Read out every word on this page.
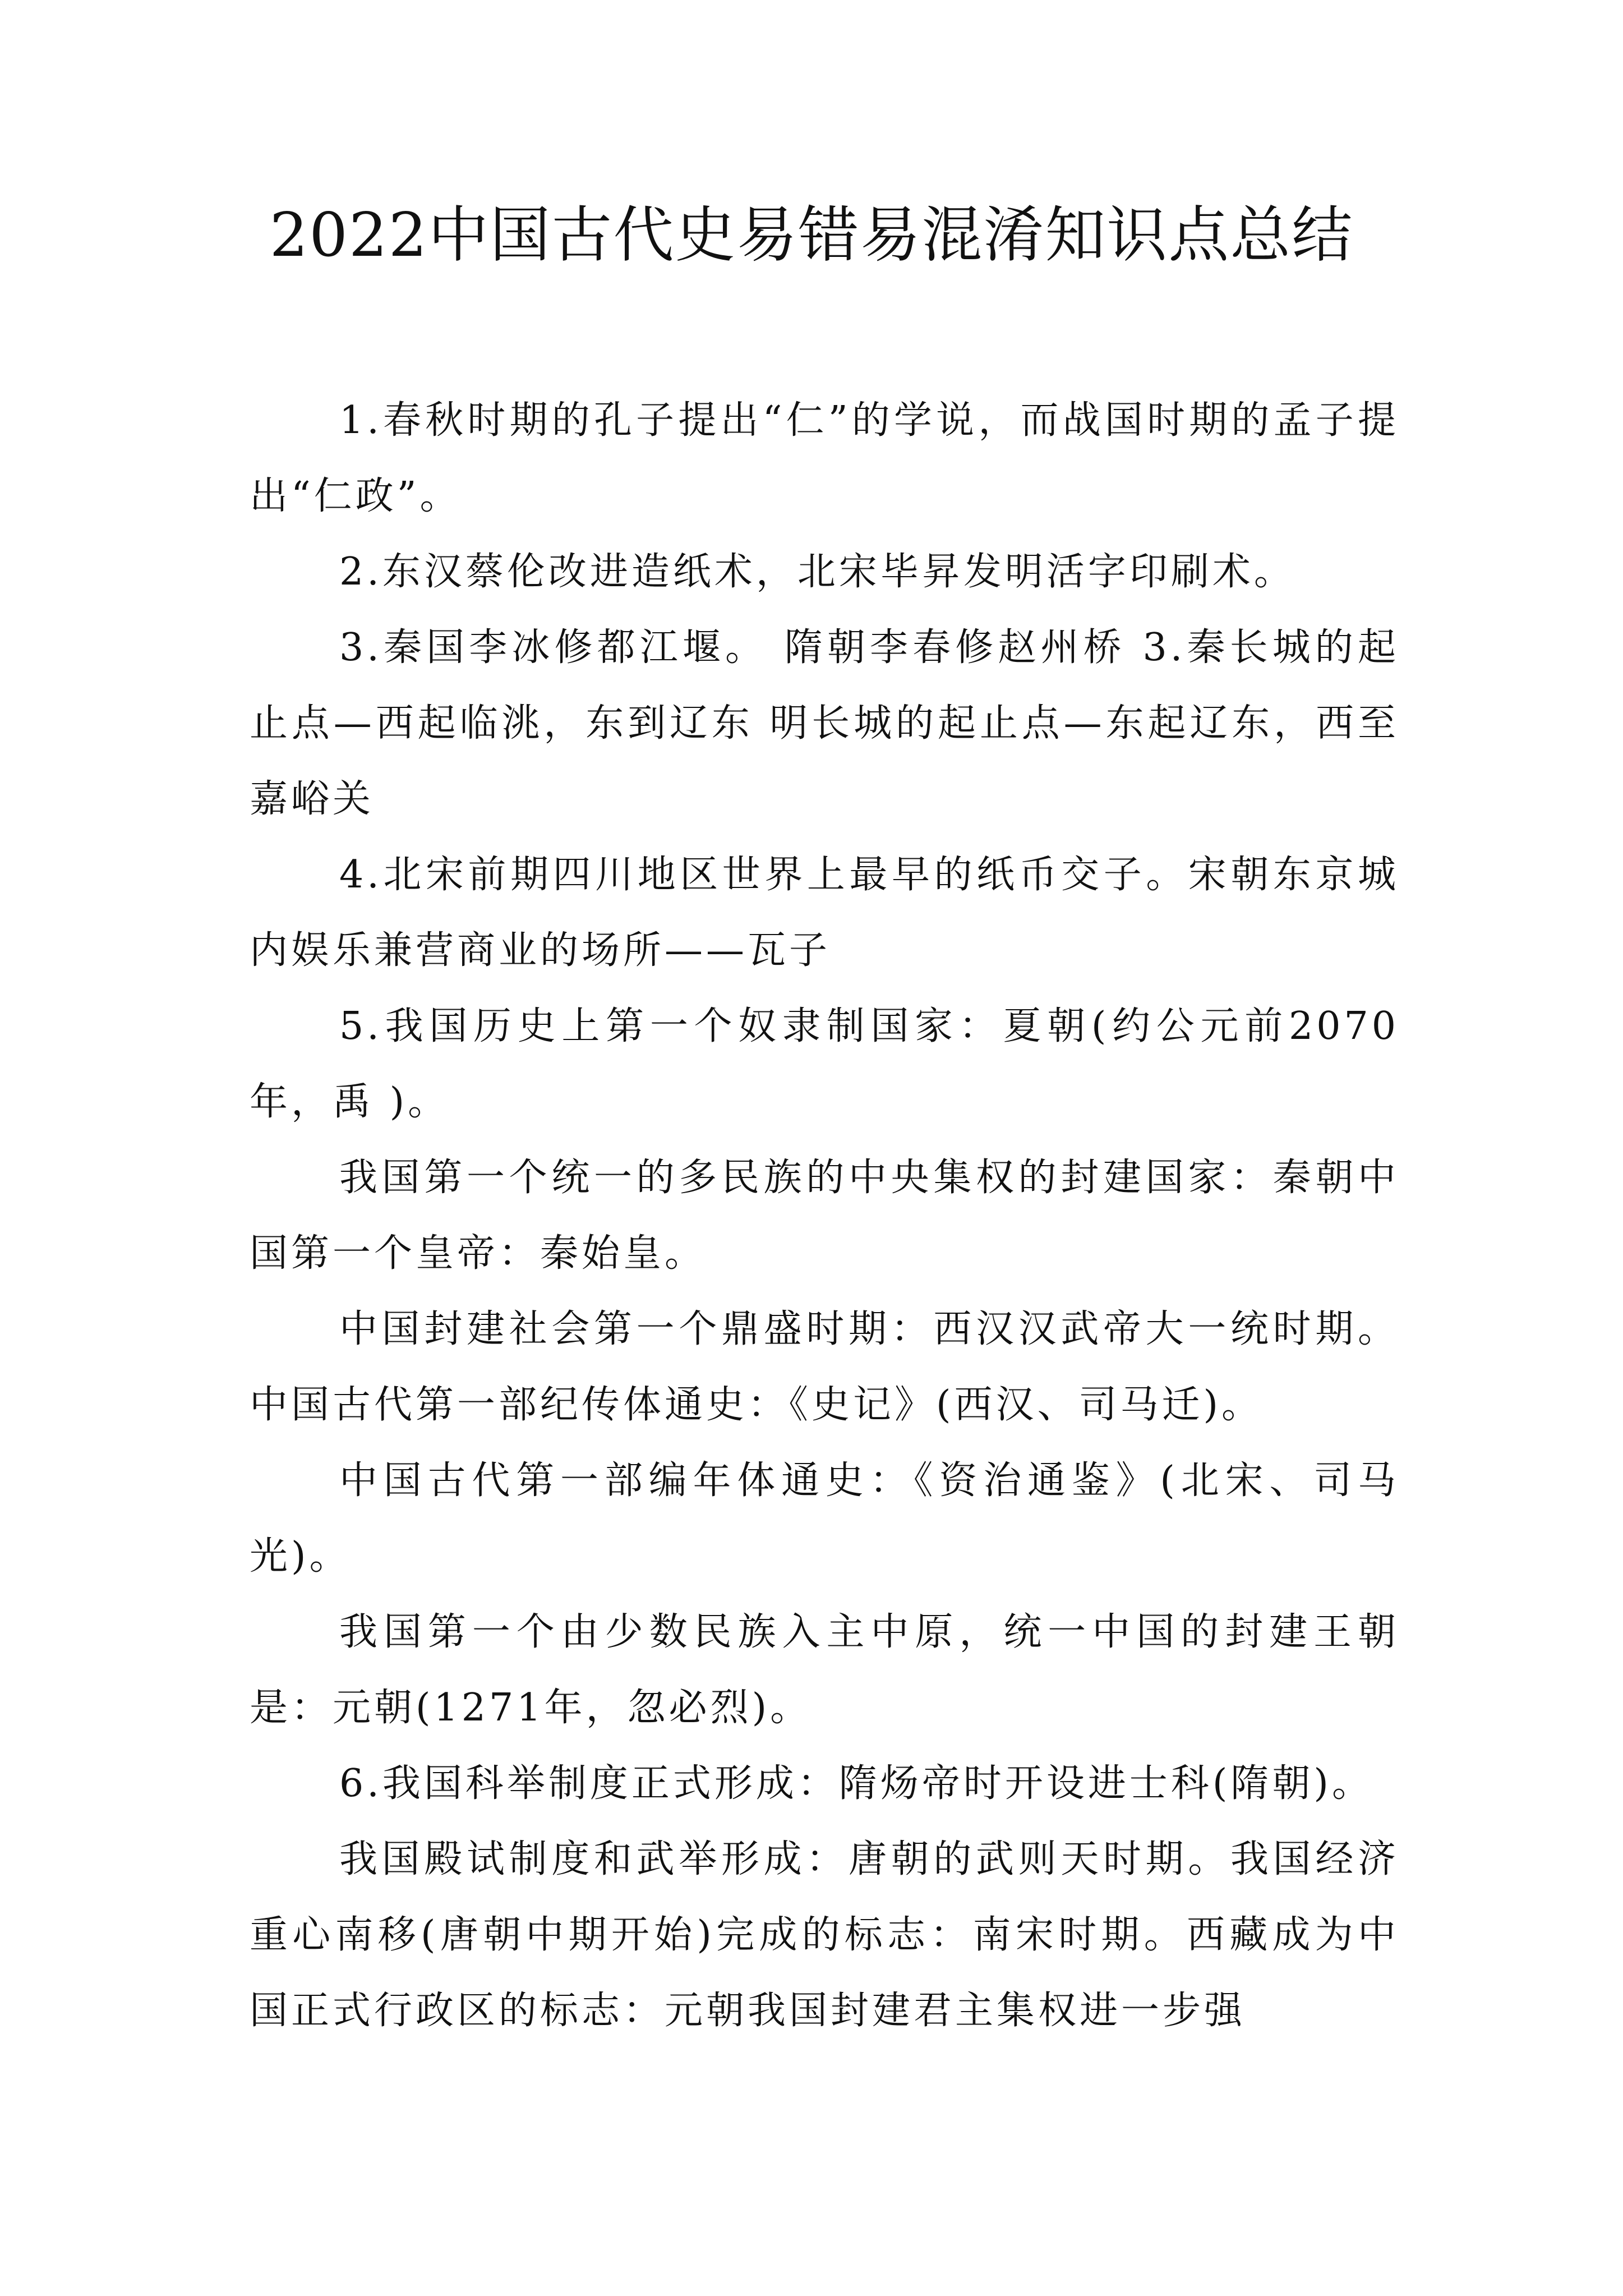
2022中国古代史易错易混淆知识点总结

1.春秋时期的孔子提出“仁”的学说，而战国时期的孟子提出“仁政”。

2.东汉蔡伦改进造纸术，北宋毕昇发明活字印刷术。

3.秦国李冰修都江堰。 隋朝李春修赵州桥 3.秦长城的起止点—西起临洮，东到辽东 明长城的起止点—东起辽东，西至嘉峪关

4.北宋前期四川地区世界上最早的纸币交子。宋朝东京城内娱乐兼营商业的场所——瓦子

5.我国历史上第一个奴隶制国家：夏朝(约公元前2070年，禹 )。

我国第一个统一的多民族的中央集权的封建国家：秦朝中国第一个皇帝：秦始皇。

中国封建社会第一个鼎盛时期：西汉汉武帝大一统时期。中国古代第一部纪传体通史：《史记》(西汉、司马迁)。

中国古代第一部编年体通史：《资治通鉴》(北宋、司马光)。

我国第一个由少数民族入主中原，统一中国的封建王朝是：元朝(1271年，忽必烈)。

6.我国科举制度正式形成：隋炀帝时开设进士科(隋朝)。

我国殿试制度和武举形成：唐朝的武则天时期。我国经济重心南移(唐朝中期开始)完成的标志：南宋时期。西藏成为中国正式行政区的标志：元朝我国封建君主集权进一步强
